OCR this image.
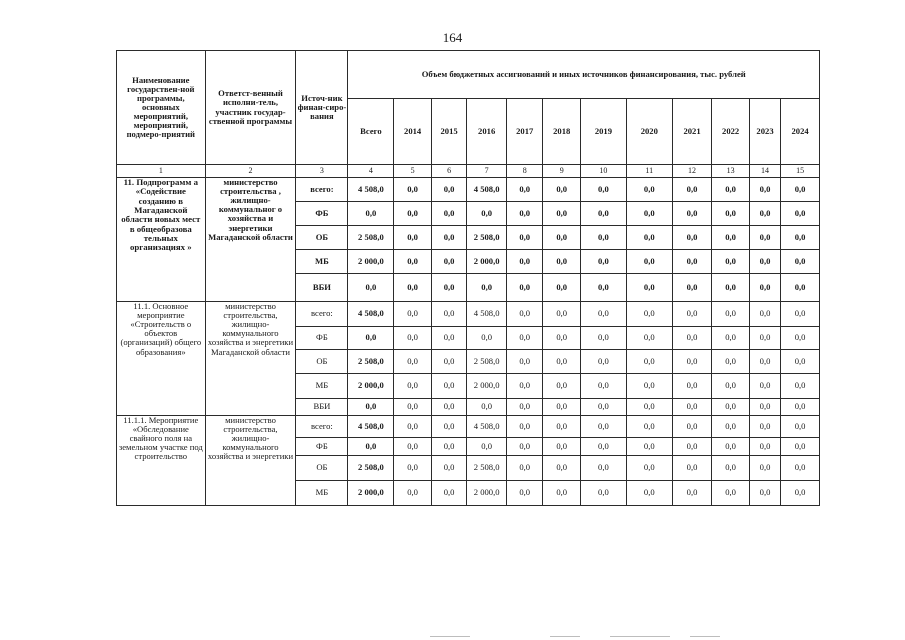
164
Наименование государствен-ной программы, основных мероприятий, мероприятий, подмеро-приятий	Ответст-венный исполни-тель, участник государ-ственной программы	Источ-ник финан-сиро-вания	Объем бюджетных ассигнований и иных источников финансирования, тыс. рублей											
			Всего	2014	2015	2016	2017	2018	2019	2020	2021	2022	2023	2024
1	2	3	4	5	6	7	8	9	10	11	12	13	14	15
11. Подпрограмм а «Содействие созданию в Магаданской области новых мест в общеобразова тельных организациях »	министерство строительства , жилищно-коммунальног о хозяйства и энергетики Магаданской области	всего:	4 508,0	0,0	0,0	4 508,0	0,0	0,0	0,0	0,0	0,0	0,0	0,0	0,0
		ФБ	0,0	0,0	0,0	0,0	0,0	0,0	0,0	0,0	0,0	0,0	0,0	0,0
		ОБ	2 508,0	0,0	0,0	2 508,0	0,0	0,0	0,0	0,0	0,0	0,0	0,0	0,0
		МБ	2 000,0	0,0	0,0	2 000,0	0,0	0,0	0,0	0,0	0,0	0,0	0,0	0,0
		ВБИ	0,0	0,0	0,0	0,0	0,0	0,0	0,0	0,0	0,0	0,0	0,0	0,0
11.1. Основное мероприятие «Строительств о объектов (организаций) общего образования»	министерство строительства, жилищно-коммунального хозяйства и энергетики Магаданской области	всего:	4 508,0	0,0	0,0	4 508,0	0,0	0,0	0,0	0,0	0,0	0,0	0,0	0,0
		ФБ	0,0	0,0	0,0	0,0	0,0	0,0	0,0	0,0	0,0	0,0	0,0	0,0
		ОБ	2 508,0	0,0	0,0	2 508,0	0,0	0,0	0,0	0,0	0,0	0,0	0,0	0,0
		МБ	2 000,0	0,0	0,0	2 000,0	0,0	0,0	0,0	0,0	0,0	0,0	0,0	0,0
		ВБИ	0,0	0,0	0,0	0,0	0,0	0,0	0,0	0,0	0,0	0,0	0,0	0,0
11.1.1. Мероприятие «Обследование свайного поля на земельном участке под строительство	министерство строительства, жилищно-коммунального хозяйства и энергетики	всего:	4 508,0	0,0	0,0	4 508,0	0,0	0,0	0,0	0,0	0,0	0,0	0,0	0,0
		ФБ	0,0	0,0	0,0	0,0	0,0	0,0	0,0	0,0	0,0	0,0	0,0	0,0
		ОБ	2 508,0	0,0	0,0	2 508,0	0,0	0,0	0,0	0,0	0,0	0,0	0,0	0,0
		МБ	2 000,0	0,0	0,0	2 000,0	0,0	0,0	0,0	0,0	0,0	0,0	0,0	0,0
